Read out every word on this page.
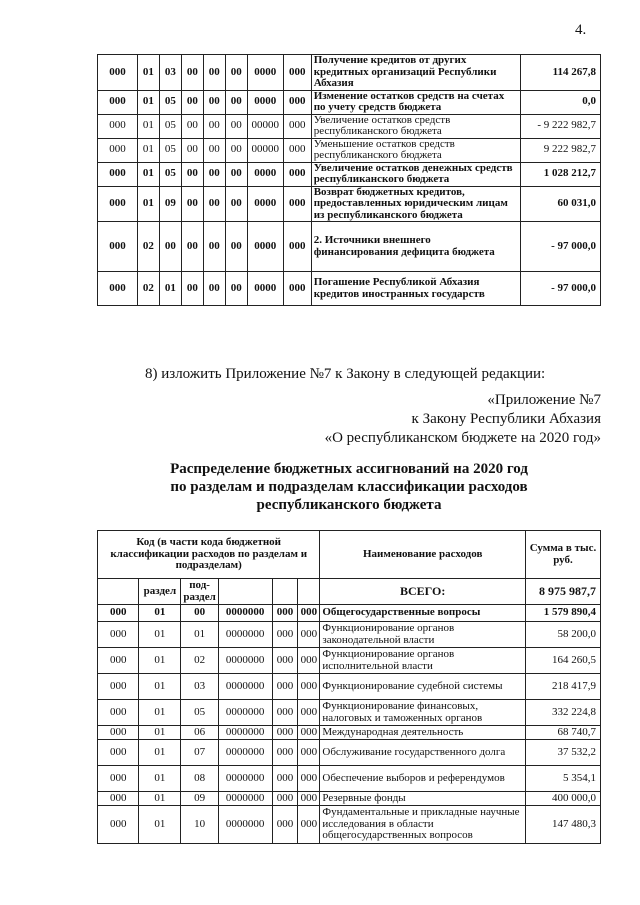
4.
000	01	03	00	00	00	0000	000	Получение кредитов от других кредитных организаций Республики Абхазия	114 267,8
000	01	05	00	00	00	0000	000	Изменение остатков средств на счетах по учету средств бюджета	0,0
000	01	05	00	00	00	00000	000	Увеличение остатков средств республиканского бюджета	- 9 222 982,7
000	01	05	00	00	00	00000	000	Уменьшение остатков средств республиканского бюджета	9 222 982,7
000	01	05	00	00	00	0000	000	Увеличение остатков денежных средств республиканского бюджета	1 028 212,7
000	01	09	00	00	00	0000	000	Возврат бюджетных кредитов, предоставленных юридическим лицам из республиканского бюджета	60 031,0
000	02	00	00	00	00	0000	000	2. Источники внешнего финансирования дефицита бюджета	- 97 000,0
000	02	01	00	00	00	0000	000	Погашение Республикой Абхазия кредитов иностранных государств	- 97 000,0
8) изложить Приложение №7 к Закону в следующей редакции:
«Приложение №7
к Закону Республики Абхазия
«О республиканском бюджете на 2020 год»
Распределение бюджетных ассигнований на 2020 год
по разделам и подразделам классификации расходов
республиканского бюджета
Код (в части кода бюджетной классификации расходов по разделам и подразделам)						Наименование расходов	Сумма в тыс. руб.
	раздел	под-раздел				ВСЕГО:	8 975 987,7
000	01	00	0000000	000	000	Общегосударственные вопросы	1 579 890,4
000	01	01	0000000	000	000	Функционирование органов законодательной власти	58 200,0
000	01	02	0000000	000	000	Функционирование органов исполнительной власти	164 260,5
000	01	03	0000000	000	000	Функционирование судебной системы	218 417,9
000	01	05	0000000	000	000	Функционирование финансовых, налоговых и таможенных органов	332 224,8
000	01	06	0000000	000	000	Международная деятельность	68 740,7
000	01	07	0000000	000	000	Обслуживание государственного долга	37 532,2
000	01	08	0000000	000	000	Обеспечение выборов и референдумов	5 354,1
000	01	09	0000000	000	000	Резервные фонды	400 000,0
000	01	10	0000000	000	000	Фундаментальные и прикладные научные исследования в области общегосударственных вопросов	147 480,3
